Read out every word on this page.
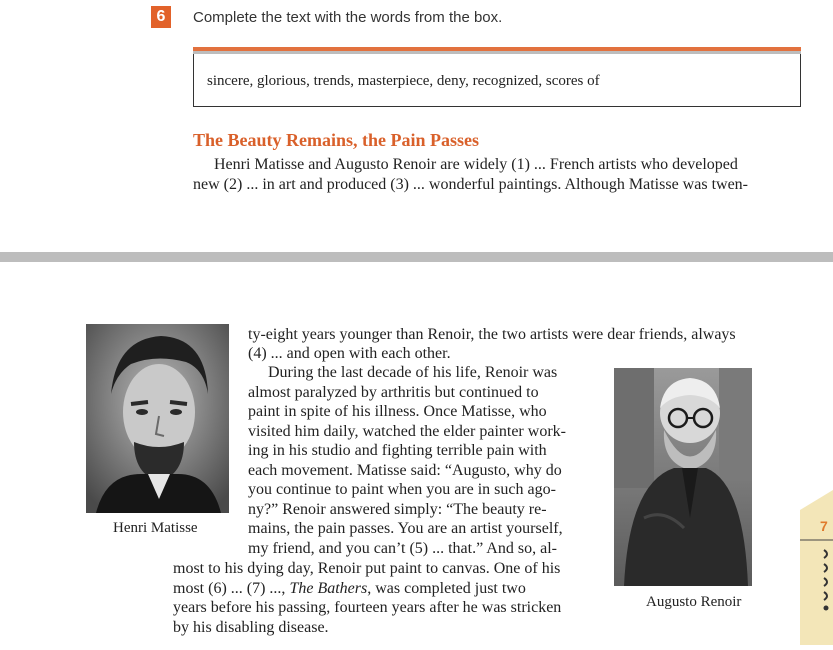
6	Complete the text with the words from the box.
sincere, glorious, trends, masterpiece, deny, recognized, scores of
The Beauty Remains, the Pain Passes
Henri Matisse and Augusto Renoir are widely (1) ... French artists who developed
new (2) ... in art and produced (3) ... wonderful paintings. Although Matisse was twen-
Henri Matisse
Augusto Renoir
ty-eight years younger than Renoir, the two artists were dear friends, always
(4) ... and open with each other.
During the last decade of his life, Renoir was
almost paralyzed by arthritis but continued to
paint in spite of his illness. Once Matisse, who
visited him daily, watched the elder painter work-
ing in his studio and fighting terrible pain with
each movement. Matisse said: “Augusto, why do
you continue to paint when you are in such ago-
ny?” Renoir answered simply: “The beauty re-
mains, the pain passes. You are an artist yourself,
my friend, and you can’t (5) ... that.” And so, al-
most to his dying day, Renoir put paint to canvas. One of his
most (6) ... (7) ..., The Bathers, was completed just two
years before his passing, fourteen years after he was stricken
by his disabling disease.
7
